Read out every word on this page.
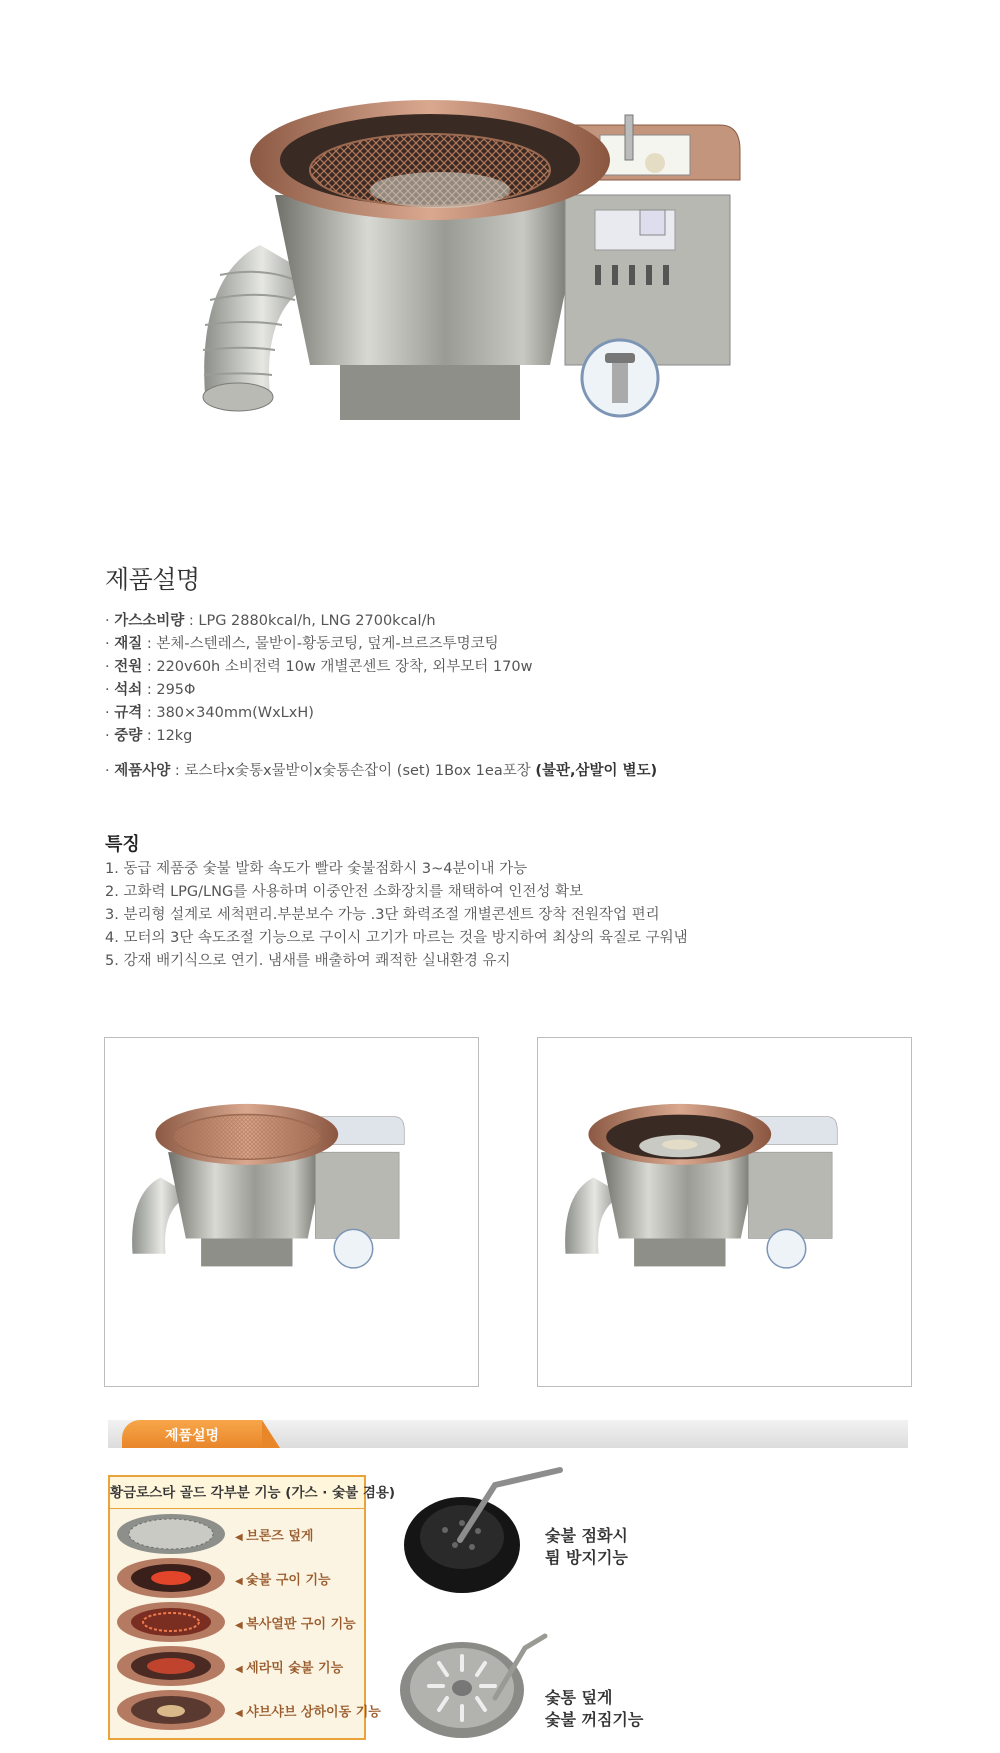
제품설명
· 가스소비량 : LPG 2880kcal/h, LNG 2700kcal/h
· 재질 : 본체-스텐레스, 물받이-황동코팅, 덮게-브르즈투명코팅
· 전원 : 220v60h 소비전력 10w 개별콘센트 장착, 외부모터 170w
· 석쇠 : 295Φ
· 규격 : 380×340mm(WxLxH)
· 중량 : 12kg
· 제품사양 : 로스타x숯통x물받이x숯통손잡이 (set) 1Box 1ea포장 (불판,삼발이 별도)
특징
1. 동급 제품중 숯불 발화 속도가 빨라 숯불점화시 3~4분이내 가능
2. 고화력 LPG/LNG를 사용하며 이중안전 소화장치를 채택하여 인전성 확보
3. 분리형 설계로 세척편리.부분보수 가능 .3단 화력조절 개별콘센트 장착 전원작업 편리
4. 모터의 3단 속도조절 기능으로 구이시 고기가 마르는 것을 방지하여 최상의 육질로 구워냄
5. 강재 배기식으로 연기. 냄새를 배출하여 쾌적한 실내환경 유지
제품설명
황금로스타 골드 각부분 기능 (가스 · 숯불 겸용)
◀ 브론즈 덮게
◀ 숯불 구이 기능
◀ 복사열판 구이 기능
◀ 세라믹 숯불 기능
◀ 샤브샤브 상하이동 기능
숯불 점화시
튐 방지기능
숯통 덮게
숯불 꺼짐기능
